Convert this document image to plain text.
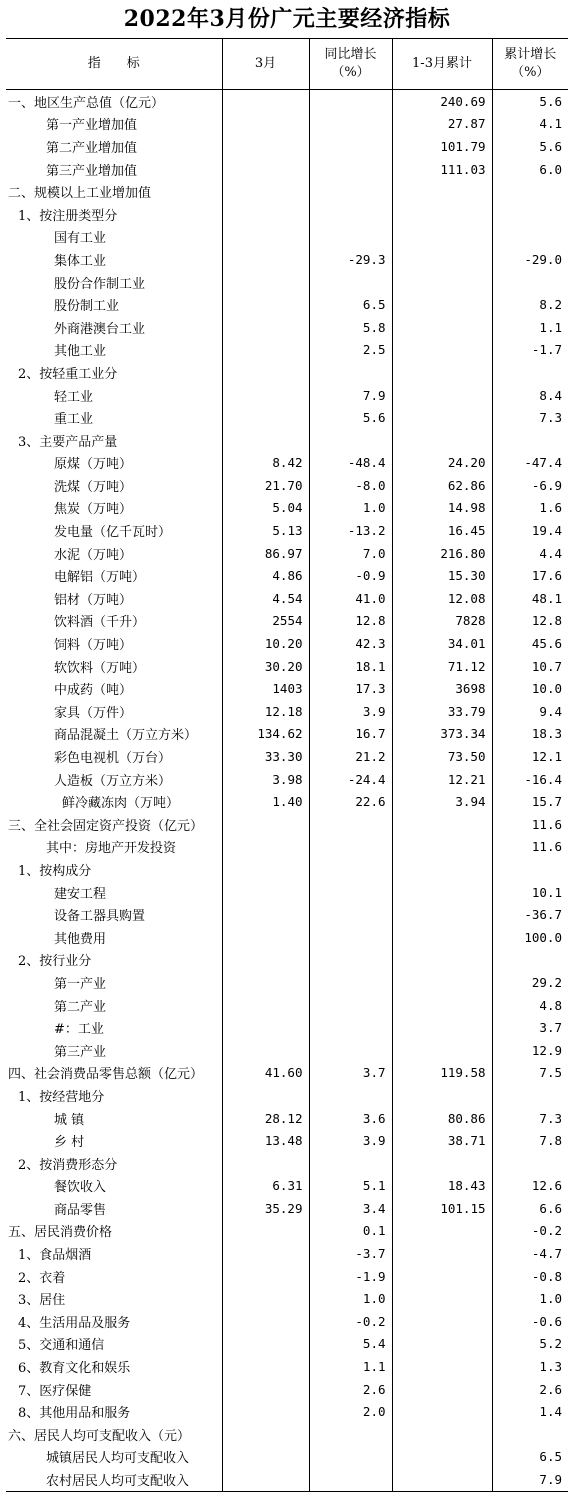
2022年3月份广元主要经济指标
指　　标	3月	同比增长（%）	1-3月累计	累计增长（%）
一、地区生产总值（亿元）			240.69	5.6
第一产业增加值			27.87	4.1
第二产业增加值			101.79	5.6
第三产业增加值			111.03	6.0
二、规模以上工业增加值				
1、按注册类型分				
国有工业				
集体工业		-29.3		-29.0
股份合作制工业				
股份制工业		6.5		8.2
外商港澳台工业		5.8		1.1
其他工业		2.5		-1.7
2、按轻重工业分				
轻工业		7.9		8.4
重工业		5.6		7.3
3、主要产品产量				
原煤（万吨）	8.42	-48.4	24.20	-47.4
洗煤（万吨）	21.70	-8.0	62.86	-6.9
焦炭（万吨）	5.04	1.0	14.98	1.6
发电量（亿千瓦时）	5.13	-13.2	16.45	19.4
水泥（万吨）	86.97	7.0	216.80	4.4
电解铝（万吨）	4.86	-0.9	15.30	17.6
铝材（万吨）	4.54	41.0	12.08	48.1
饮料酒（千升）	2554	12.8	7828	12.8
饲料（万吨）	10.20	42.3	34.01	45.6
软饮料（万吨）	30.20	18.1	71.12	10.7
中成药（吨）	1403	17.3	3698	10.0
家具（万件）	12.18	3.9	33.79	9.4
商品混凝土（万立方米）	134.62	16.7	373.34	18.3
彩色电视机（万台）	33.30	21.2	73.50	12.1
人造板（万立方米）	3.98	-24.4	12.21	-16.4
鲜冷藏冻肉（万吨）	1.40	22.6	3.94	15.7
三、全社会固定资产投资（亿元）				11.6
其中：房地产开发投资				11.6
1、按构成分				
建安工程				10.1
设备工器具购置				-36.7
其他费用				100.0
2、按行业分				
第一产业				29.2
第二产业				4.8
#：工业				3.7
第三产业				12.9
四、社会消费品零售总额（亿元）	41.60	3.7	119.58	7.5
1、按经营地分				
城 镇	28.12	3.6	80.86	7.3
乡 村	13.48	3.9	38.71	7.8
2、按消费形态分				
餐饮收入	6.31	5.1	18.43	12.6
商品零售	35.29	3.4	101.15	6.6
五、居民消费价格		0.1		-0.2
1、食品烟酒		-3.7		-4.7
2、衣着		-1.9		-0.8
3、居住		1.0		1.0
4、生活用品及服务		-0.2		-0.6
5、交通和通信		5.4		5.2
6、教育文化和娱乐		1.1		1.3
7、医疗保健		2.6		2.6
8、其他用品和服务		2.0		1.4
六、居民人均可支配收入（元）				
城镇居民人均可支配收入				6.5
农村居民人均可支配收入				7.9
